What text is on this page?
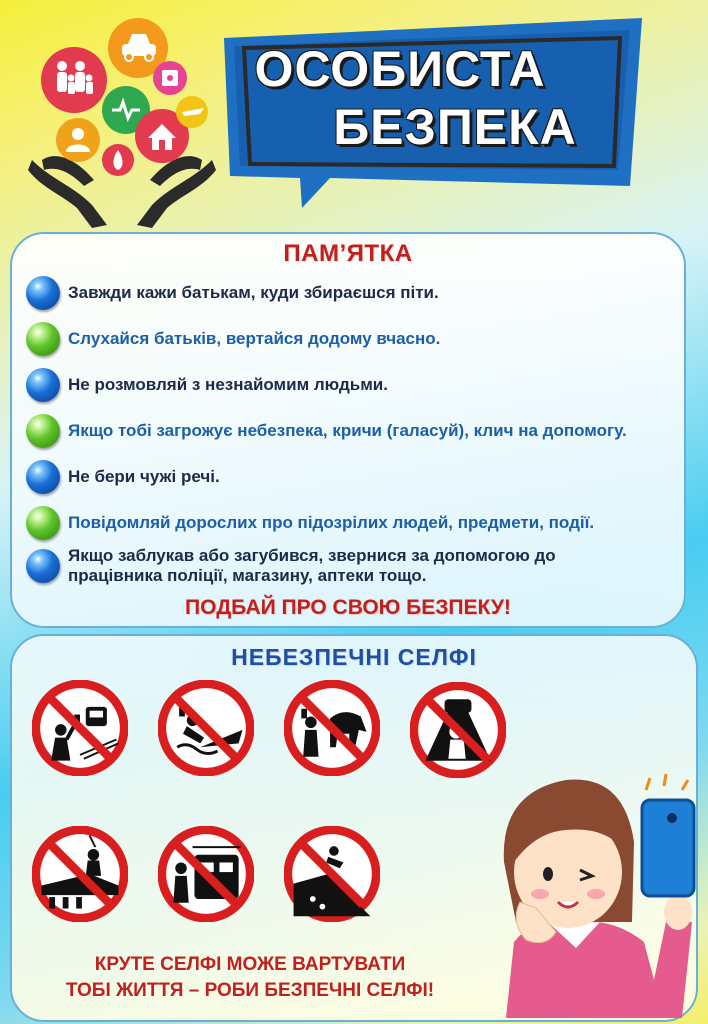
ОСОБИСТА
БЕЗПЕКА
ПАМ’ЯТКА
Завжди кажи батькам, куди збираєшся піти.
Слухайся батьків, вертайся додому вчасно.
Не розмовляй з незнайомим людьми.
Якщо тобі загрожує небезпека, кричи (галасуй), клич на допомогу.
Не бери чужі речі.
Повідомляй дорослих про підозрілих людей, предмети, події.
Якщо заблукав або загубився, звернися за допомогою до
працівника поліції, магазину, аптеки тощо.
ПОДБАЙ ПРО СВОЮ БЕЗПЕКУ!
НЕБЕЗПЕЧНІ СЕЛФІ
КРУТЕ СЕЛФІ МОЖЕ ВАРТУВАТИ
ТОБІ ЖИТТЯ – РОБИ БЕЗПЕЧНІ СЕЛФІ!
